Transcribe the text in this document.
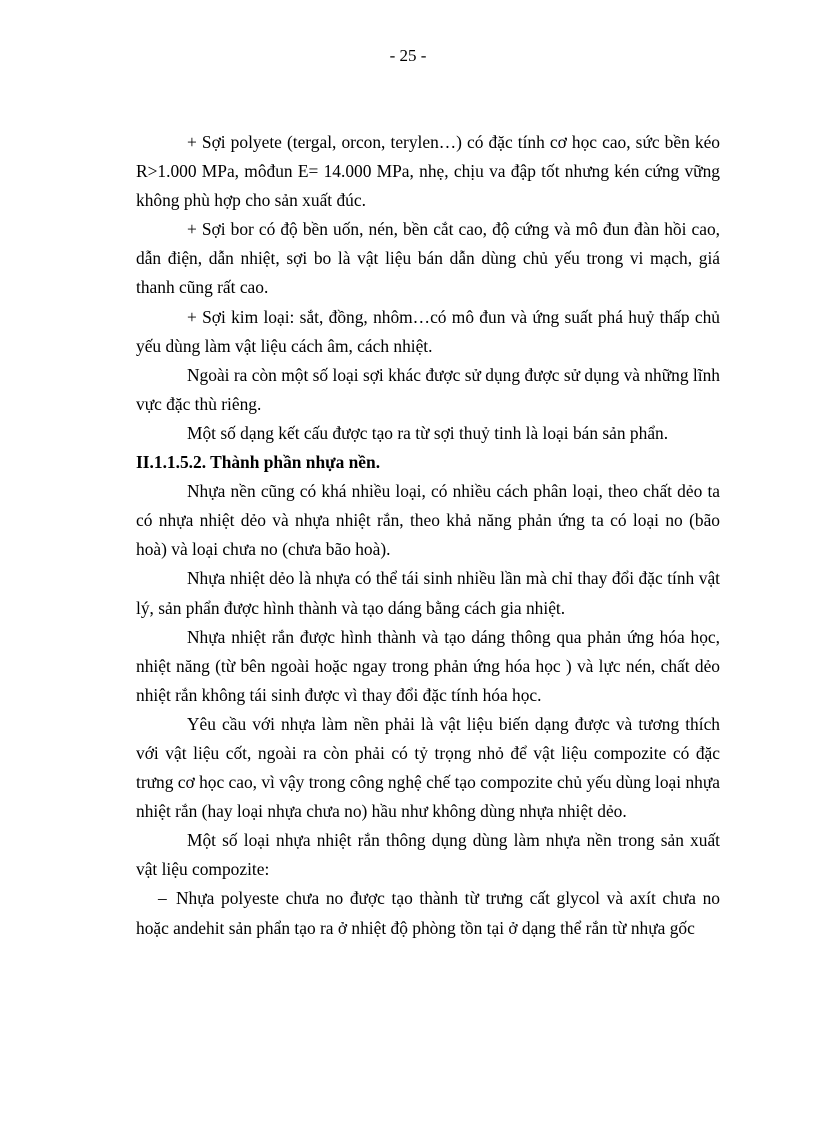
- 25 -

+ Sợi polyete (tergal, orcon, terylen…) có đặc tính cơ học cao, sức bền kéo R>1.000 MPa, môđun E= 14.000 MPa, nhẹ, chịu va đập tốt nhưng kén cứng vững không phù hợp cho sản xuất đúc.

+ Sợi bor có độ bền uốn, nén, bền cắt cao, độ cứng và mô đun đàn hồi cao, dẫn điện, dẫn nhiệt, sợi bo là vật liệu bán dẫn dùng chủ yếu trong vi mạch, giá thanh cũng rất cao.

+ Sợi kim loại: sắt, đồng, nhôm…có mô đun và ứng suất phá huỷ thấp chủ yếu dùng làm vật liệu cách âm, cách nhiệt.

Ngoài ra còn một số loại sợi khác được sử dụng được sử dụng và những lĩnh vực đặc thù riêng.

Một số dạng kết cấu được tạo ra từ sợi thuỷ tinh là loại bán sản phẩn.

II.1.1.5.2. Thành phần nhựa nền.

Nhựa nền cũng có khá nhiều loại, có nhiều cách phân loại, theo chất dẻo ta có nhựa nhiệt dẻo và nhựa nhiệt rắn, theo khả năng phản ứng ta có loại no (bão hoà) và loại chưa no (chưa bão hoà).

Nhựa nhiệt dẻo là nhựa có thể tái sinh nhiều lần mà chỉ thay đổi đặc tính vật lý, sản phẩn được hình thành và tạo dáng bằng cách gia nhiệt.

Nhựa nhiệt rắn được hình thành và tạo dáng thông qua phản ứng hóa học, nhiệt năng (từ bên ngoài hoặc ngay trong phản ứng hóa học ) và lực nén, chất dẻo nhiệt rắn không tái sinh được vì thay đổi đặc tính hóa học.

Yêu cầu với nhựa làm nền phải là vật liệu biến dạng được và tương thích với vật liệu cốt, ngoài ra còn phải có tỷ trọng nhỏ để vật liệu compozite có đặc trưng cơ học cao, vì vậy trong công nghệ chế tạo compozite chủ yếu dùng loại nhựa nhiệt rắn (hay loại nhựa chưa no) hầu như không dùng nhựa nhiệt dẻo.

Một số loại nhựa nhiệt rắn thông dụng dùng làm nhựa nền trong sản xuất vật liệu compozite:

– Nhựa polyeste chưa no được tạo thành từ trưng cất glycol và axít chưa no hoặc andehit sản phẩn tạo ra ở nhiệt độ phòng tồn tại ở dạng thể rắn từ nhựa gốc
